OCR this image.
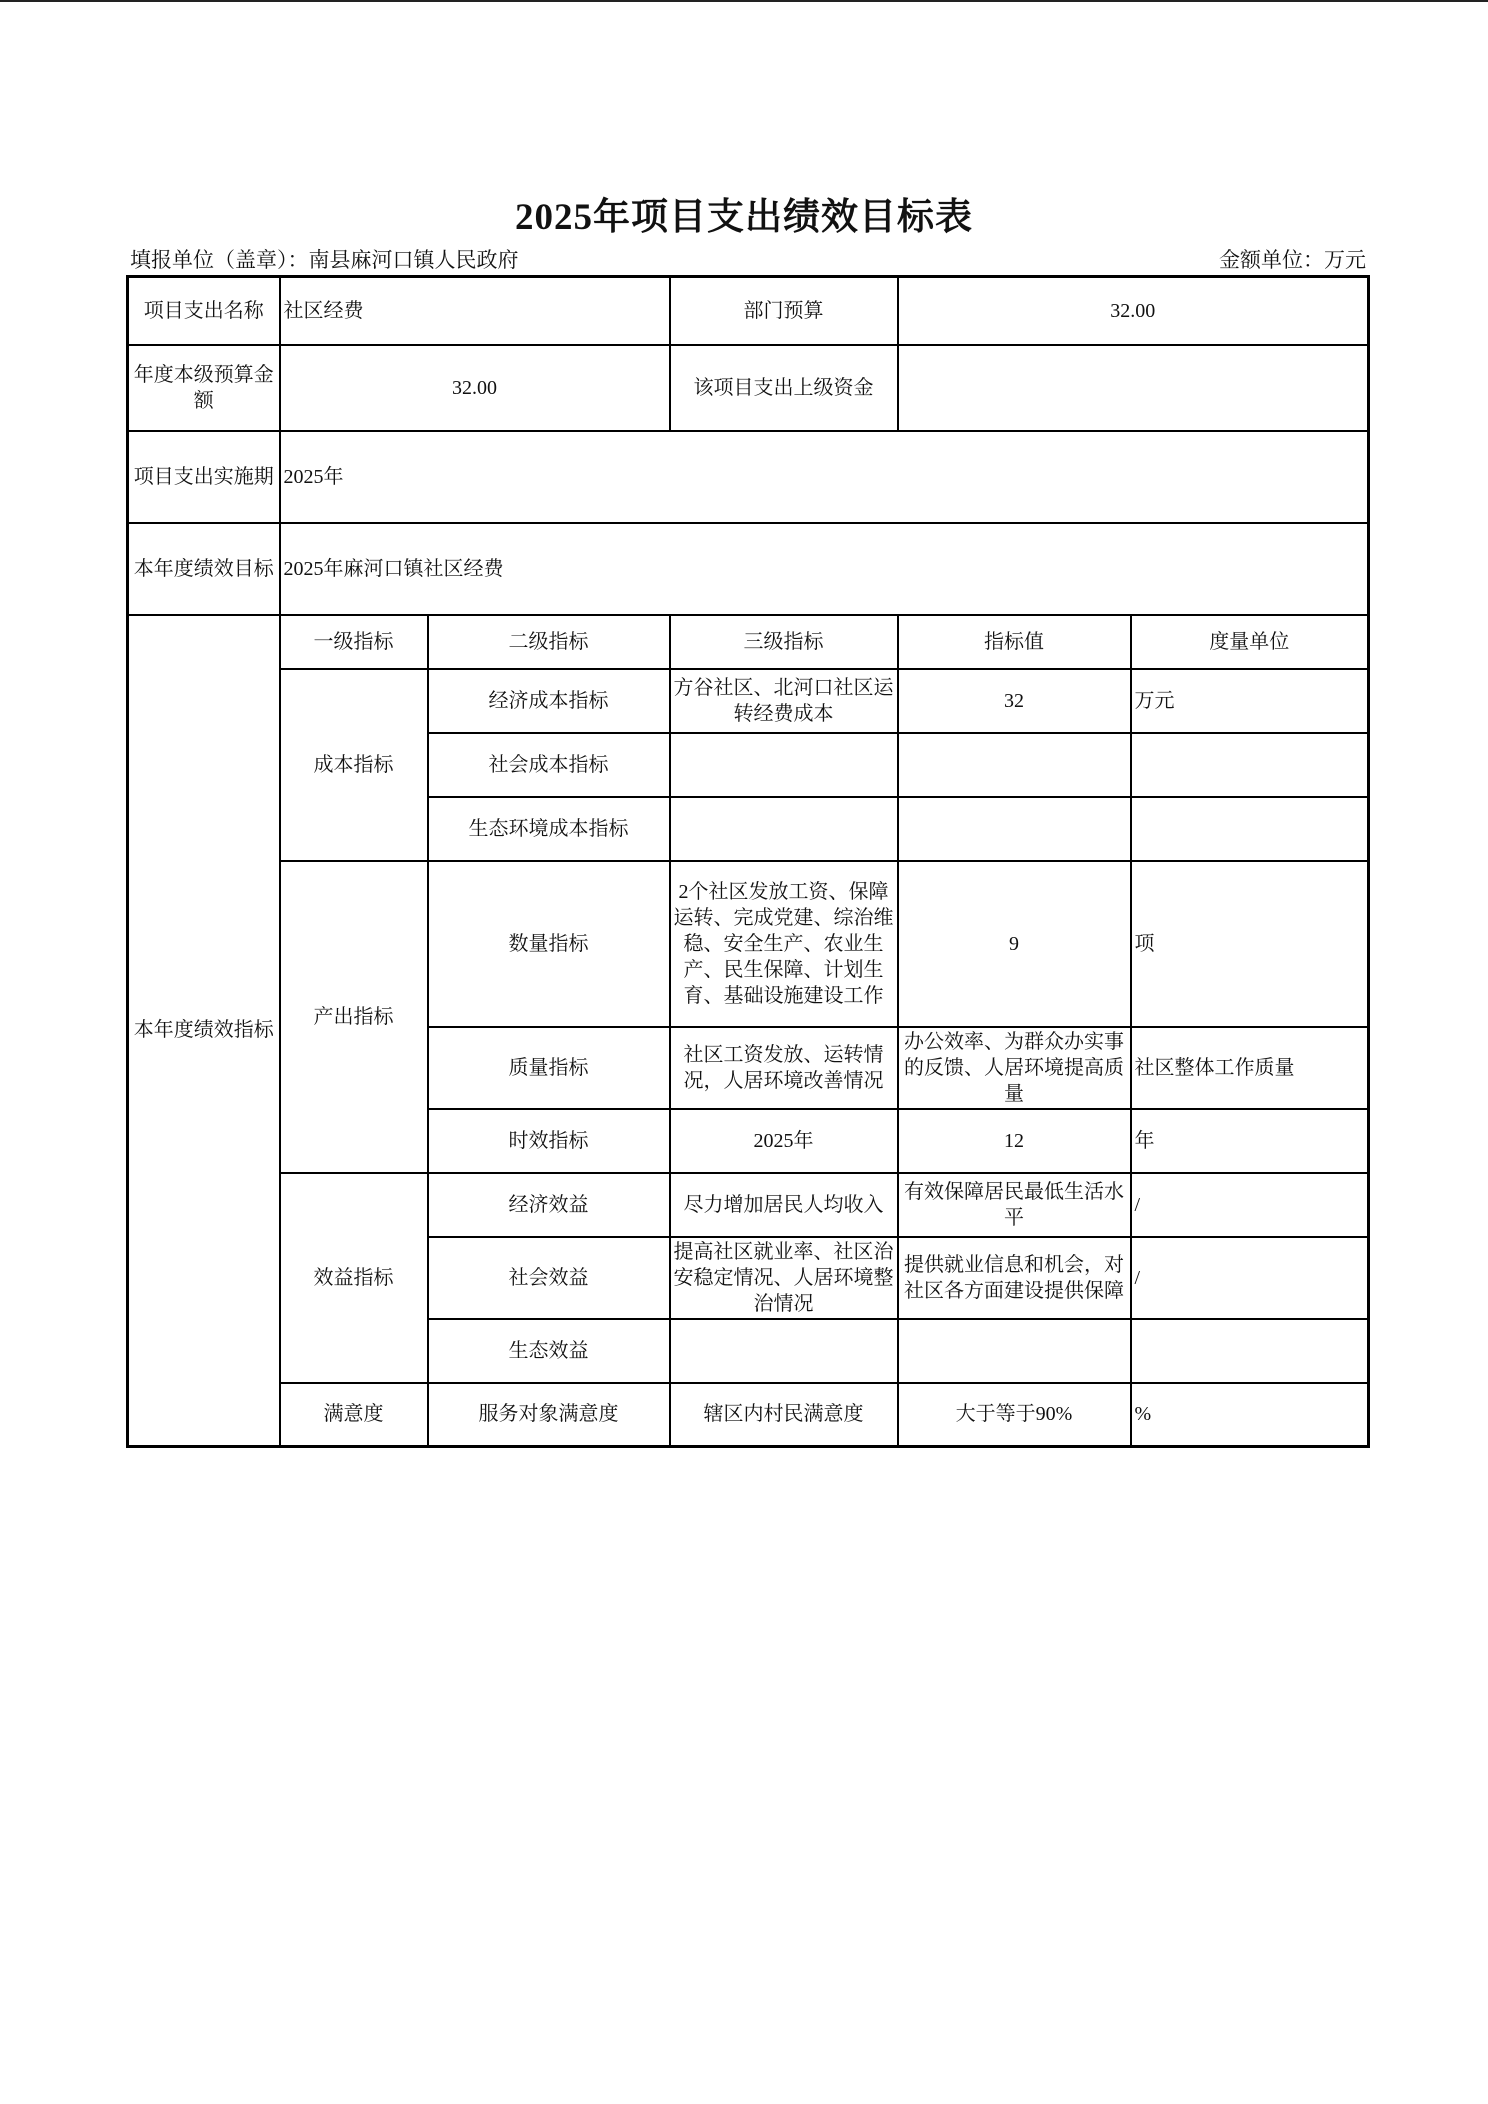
2025年项目支出绩效目标表
填报单位（盖章）：南县麻河口镇人民政府	金额单位：万元
项目支出名称	社区经费		部门预算	32.00	
年度本级预算金额	32.00		该项目支出上级资金		
项目支出实施期	2025年				
本年度绩效目标	2025年麻河口镇社区经费				
本年度绩效指标	一级指标	二级指标	三级指标	指标值	度量单位
	成本指标	经济成本指标	方谷社区、北河口社区运转经费成本	32	万元
		社会成本指标			
		生态环境成本指标			
	产出指标	数量指标	2个社区发放工资、保障运转、完成党建、综治维稳、安全生产、农业生产、民生保障、计划生育、基础设施建设工作	9	项
		质量指标	社区工资发放、运转情况，人居环境改善情况	办公效率、为群众办实事的反馈、人居环境提高质量	社区整体工作质量
		时效指标	2025年	12	年
	效益指标	经济效益	尽力增加居民人均收入	有效保障居民最低生活水平	/
		社会效益	提高社区就业率、社区治安稳定情况、人居环境整治情况	提供就业信息和机会，对社区各方面建设提供保障	/
		生态效益			
	满意度	服务对象满意度	辖区内村民满意度	大于等于90%	%
